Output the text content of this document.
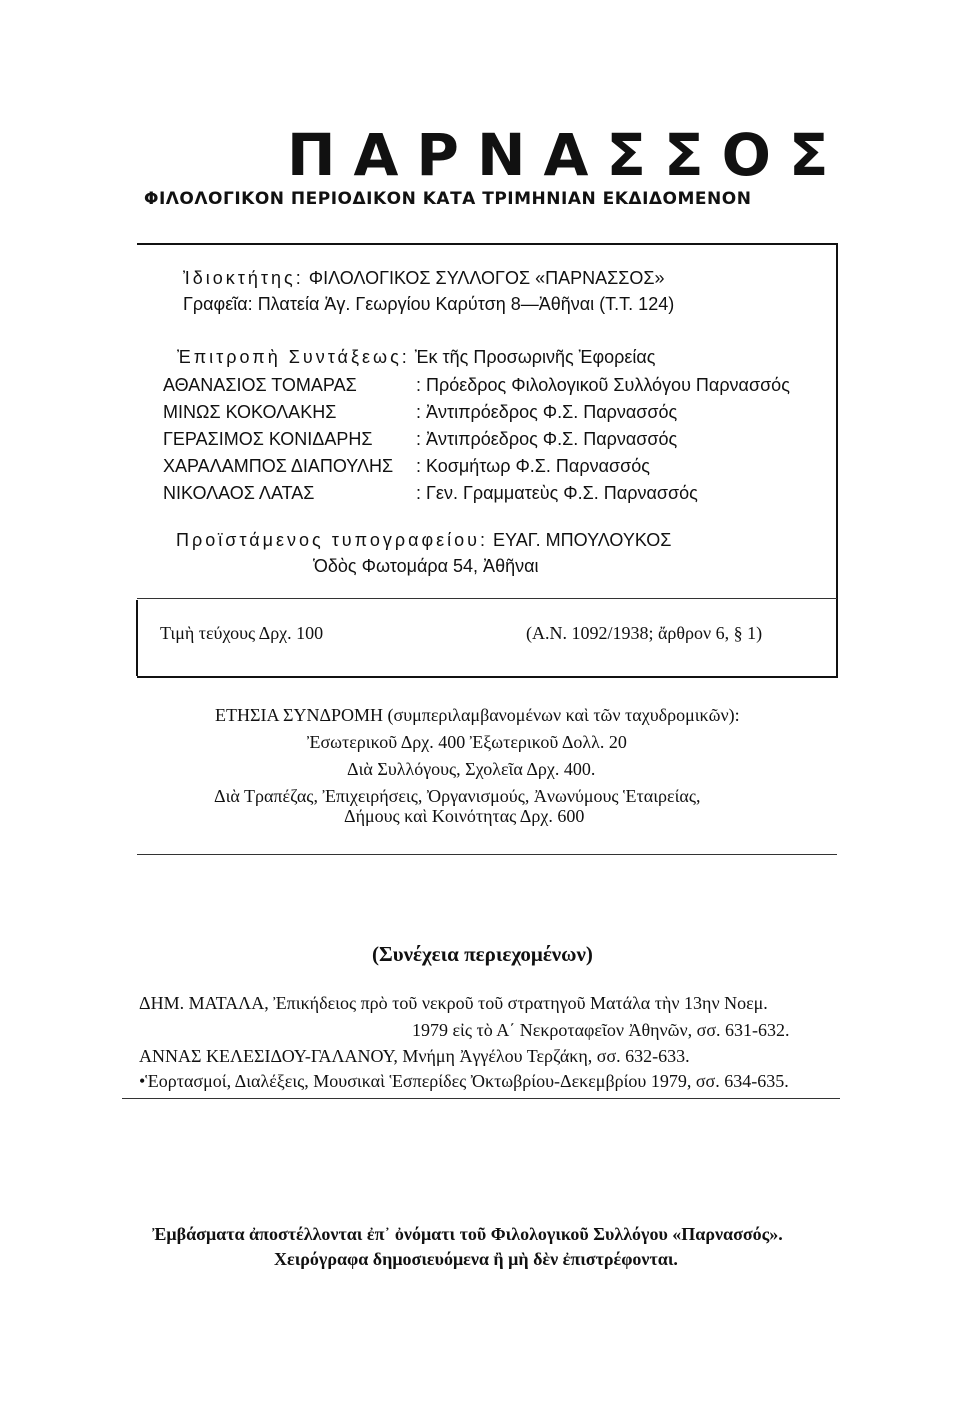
ΠΑΡΝΑΣΣΟΣ
ΦΙΛΟΛΟΓΙΚΟΝ ΠΕΡΙΟΔΙΚΟΝ ΚΑΤΑ ΤΡΙΜΗΝΙΑΝ ΕΚΔΙΔΟΜΕΝΟΝ
Ἰδιοκτήτης: ΦΙΛΟΛΟΓΙΚΟΣ ΣΥΛΛΟΓΟΣ «ΠΑΡΝΑΣΣΟΣ»
Γραφεῖα: Πλατεία Ἁγ. Γεωργίου Καρύτση 8—Ἀθῆναι (Τ.Τ. 124)
Ἐπιτροπὴ Συντάξεως: Ἐκ τῆς Προσωρινῆς Ἐφορείας
ΑΘΑΝΑΣΙΟΣ ΤΟΜΑΡΑΣ	: Πρόεδρος Φιλολογικοῦ Συλλόγου Παρνασσός
ΜΙΝΩΣ ΚΟΚΟΛΑΚΗΣ	: Ἀντιπρόεδρος Φ.Σ. Παρνασσός
ΓΕΡΑΣΙΜΟΣ ΚΟΝΙΔΑΡΗΣ : Ἀντιπρόεδρος Φ.Σ. Παρνασσός
ΧΑΡΑΛΑΜΠΟΣ ΔΙΑΠΟΥΛΗΣ : Κοσμήτωρ Φ.Σ. Παρνασσός
ΝΙΚΟΛΑΟΣ ΛΑΤΑΣ	: Γεν. Γραμματεὺς Φ.Σ. Παρνασσός
Προϊστάμενος τυπογραφείου: ΕΥΑΓ. ΜΠΟΥΛΟΥΚΟΣ
Ὁδὸς Φωτομάρα 54, Ἀθῆναι
Τιμὴ τεύχους Δρχ. 100	(Α.Ν. 1092/1938; ἄρθρον 6, § 1)
ΕΤΗΣΙΑ ΣΥΝΔΡΟΜΗ (συμπεριλαμβανομένων καὶ τῶν ταχυδρομικῶν):
Ἐσωτερικοῦ Δρχ. 400 Ἐξωτερικοῦ Δολλ. 20
Διὰ Συλλόγους, Σχολεῖα Δρχ. 400.
Διὰ Τραπέζας, Ἐπιχειρήσεις, Ὀργανισμούς, Ἀνωνύμους Ἑταιρείας,
Δήμους καὶ Κοινότητας Δρχ. 600
(Συνέχεια περιεχομένων)
ΔΗΜ. ΜΑΤΑΛΑ, Ἐπικήδειος πρὸ τοῦ νεκροῦ τοῦ στρατηγοῦ Ματάλα τὴν 13ην Νοεμ.
1979 εἰς τὸ Α΄ Νεκροταφεῖον Ἀθηνῶν, σσ. 631-632.
ΑΝΝΑΣ ΚΕΛΕΣΙΔΟΥ-ΓΑΛΑΝΟΥ, Μνήμη Ἀγγέλου Τερζάκη, σσ. 632-633.
•Ἑορτασμοί, Διαλέξεις, Μουσικαὶ Ἑσπερίδες Ὀκτωβρίου-Δεκεμβρίου 1979, σσ. 634-635.
Ἐμβάσματα ἀποστέλλονται ἐπ᾿ ὀνόματι τοῦ Φιλολογικοῦ Συλλόγου «Παρνασσός».
Χειρόγραφα δημοσιευόμενα ἢ μὴ δὲν ἐπιστρέφονται.
